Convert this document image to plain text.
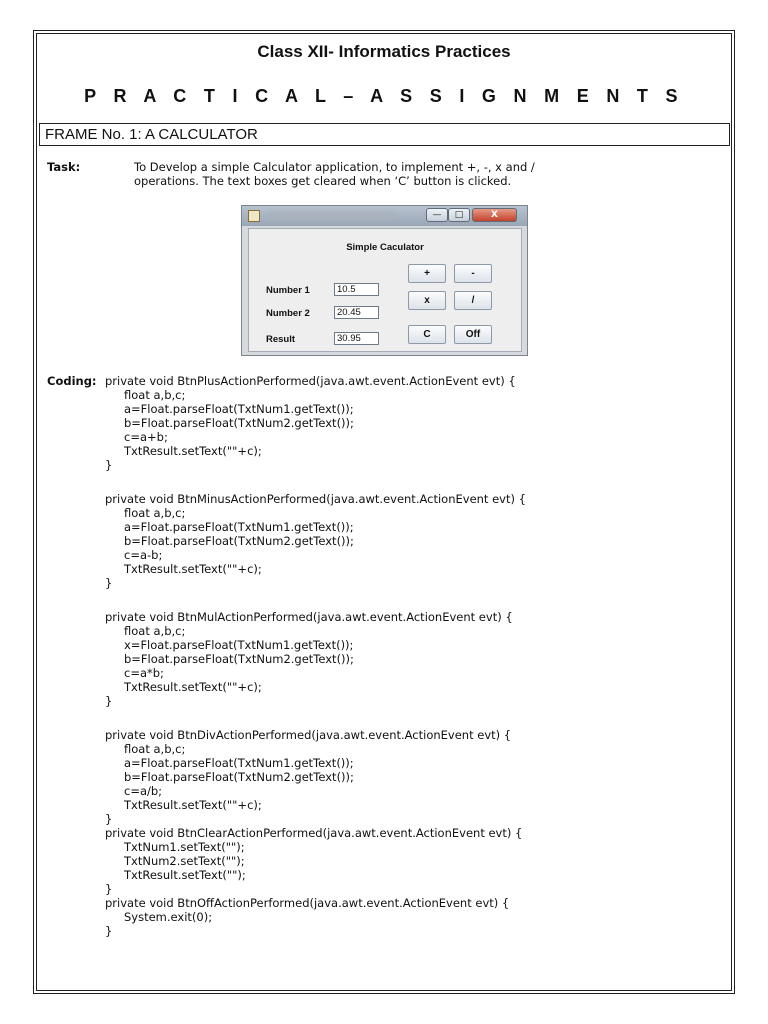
Class XII- Informatics Practices
P R A C T I C A L – A S S I G N M E N T S
FRAME No. 1: A CALCULATOR
Task:	To Develop a simple Calculator application, to implement +, -, x and /
operations. The text boxes get cleared when ‘C’ button is clicked.
—	□	X
Simple Caculator
Number 1	10.5
Number 2	20.45
Result	30.95
+	-
x	/
C	Off
Coding: private void BtnPlusActionPerformed(java.awt.event.ActionEvent evt) {
float a,b,c;
a=Float.parseFloat(TxtNum1.getText());
b=Float.parseFloat(TxtNum2.getText());
c=a+b;
TxtResult.setText(""+c);
}
private void BtnMinusActionPerformed(java.awt.event.ActionEvent evt) {
float a,b,c;
a=Float.parseFloat(TxtNum1.getText());
b=Float.parseFloat(TxtNum2.getText());
c=a-b;
TxtResult.setText(""+c);
}
private void BtnMulActionPerformed(java.awt.event.ActionEvent evt) {
float a,b,c;
x=Float.parseFloat(TxtNum1.getText());
b=Float.parseFloat(TxtNum2.getText());
c=a*b;
TxtResult.setText(""+c);
}
private void BtnDivActionPerformed(java.awt.event.ActionEvent evt) {
float a,b,c;
a=Float.parseFloat(TxtNum1.getText());
b=Float.parseFloat(TxtNum2.getText());
c=a/b;
TxtResult.setText(""+c);
}
private void BtnClearActionPerformed(java.awt.event.ActionEvent evt) {
TxtNum1.setText("");
TxtNum2.setText("");
TxtResult.setText("");
}
private void BtnOffActionPerformed(java.awt.event.ActionEvent evt) {
System.exit(0);
}
